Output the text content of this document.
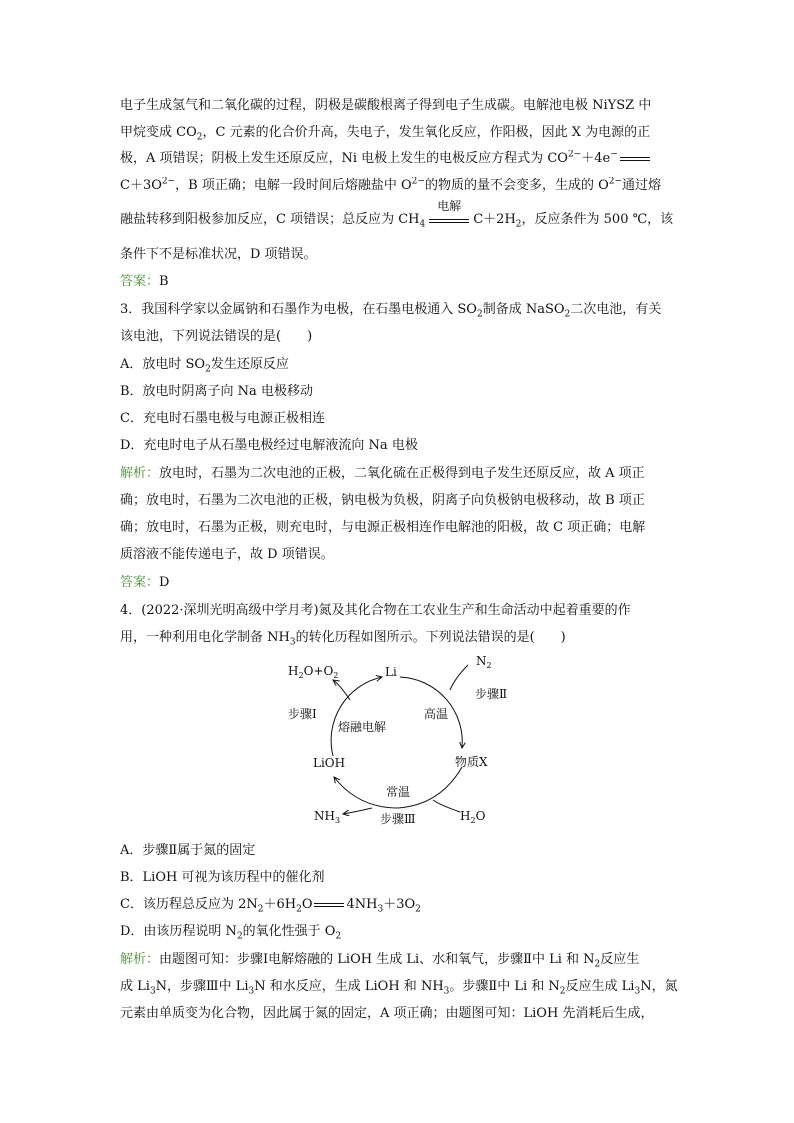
电子生成氢气和二氧化碳的过程，阴极是碳酸根离子得到电子生成碳。电解池电极 NiYSZ 中
甲烷变成 $CO_2$，C 元素的化合价升高，失电子，发生氧化反应，作阳极，因此 X 为电源的正
极，A 项错误；阴极上发生还原反应，Ni 电极上发生的电极反应方程式为 $CO^{2-}+4e^-$
$C+3O^{2-}$，B 项正确；电解一段时间后熔融盐中 $O^{2-}$的物质的量不会变多，生成的 $O^{2-}$通过熔
融盐转移到阳极参加反应，C 项错误；总反应为 $CH_4$
电解
$C+2H_2$，反应条件为 500 ℃，该
条件下不是标准状况，D 项错误。
答案：B
3．我国科学家以金属钠和石墨作为电极，在石墨电极通入 $SO_2$制备成 NaSO$_2$二次电池，有关
该电池，下列说法错误的是(　　)
A．放电时 $SO_2$发生还原反应
B．放电时阴离子向 Na 电极移动
C．充电时石墨电极与电源正极相连
D．充电时电子从石墨电极经过电解液流向 Na 电极
解析：放电时，石墨为二次电池的正极，二氧化硫在正极得到电子发生还原反应，故 A 项正
确；放电时，石墨为二次电池的正极，钠电极为负极，阴离子向负极钠电极移动，故 B 项正
确；放电时，石墨为正极，则充电时，与电源正极相连作电解池的阳极，故 C 项正确；电解
质溶液不能传递电子，故 D 项错误。
答案：D
4．(2022·深圳光明高级中学月考)氮及其化合物在工农业生产和生命活动中起着重要的作
用，一种利用电化学制备 $NH_3$的转化历程如图所示。下列说法错误的是(　　)
$H_2O+O_2$	Li
$N_2$
步骤Ⅱ
步骤Ⅰ
熔融电解
高温
LiOH	物质X
常温
$NH_3$	步骤Ⅲ	$H_2O$
A．步骤Ⅱ属于氮的固定
B．LiOH 可视为该历程中的催化剂
C．该历程总反应为 $2N_2+6H_2O$	$4NH_3+3O_2$
D．由该历程说明 $N_2$的氧化性强于 $O_2$
解析：由题图可知：步骤Ⅰ电解熔融的 LiOH 生成 Li、水和氧气，步骤Ⅱ中 Li 和 $N_2$反应生
成 $Li_3N$，步骤Ⅲ中 $Li_3N$ 和水反应，生成 LiOH 和 $NH_3$。步骤Ⅱ中 Li 和 $N_2$反应生成 $Li_3N$，氮
元素由单质变为化合物，因此属于氮的固定，A 项正确；由题图可知：LiOH 先消耗后生成，
